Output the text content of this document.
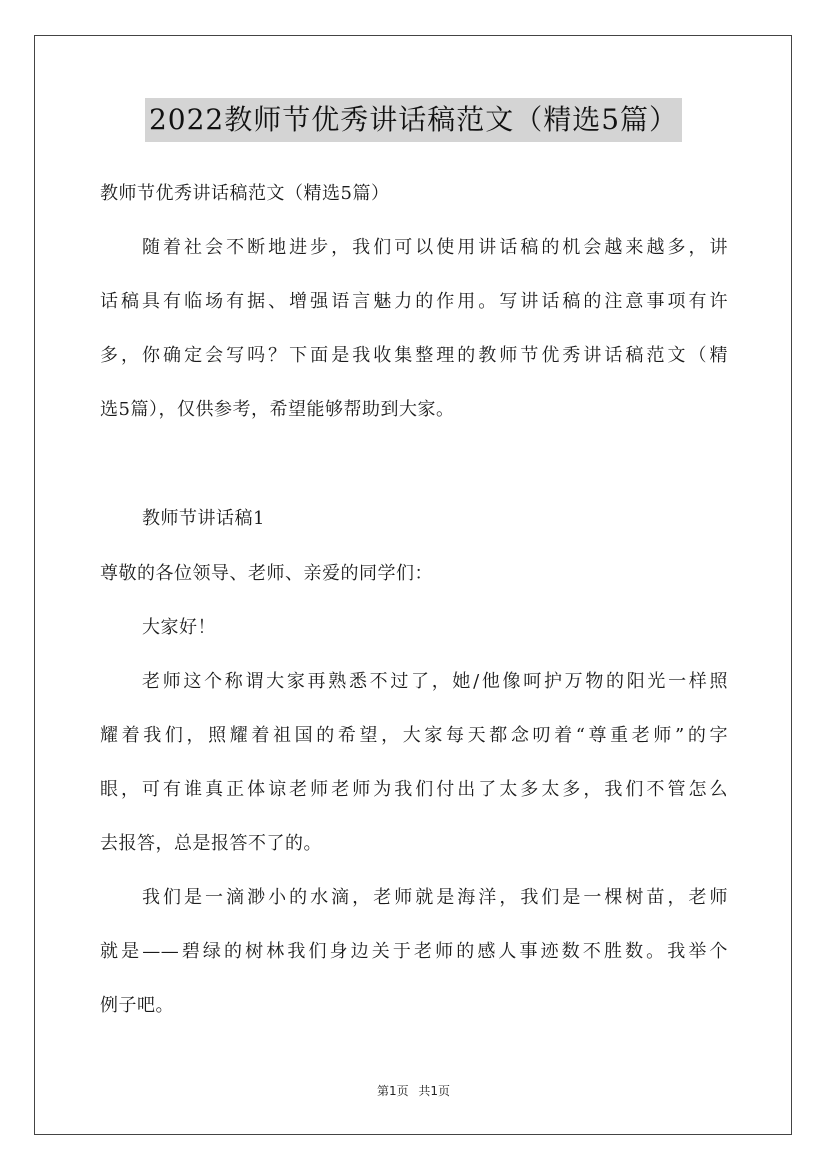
2022教师节优秀讲话稿范文（精选5篇）
教师节优秀讲话稿范文（精选5篇）
随着社会不断地进步，我们可以使用讲话稿的机会越来越多，讲
话稿具有临场有据、增强语言魅力的作用。写讲话稿的注意事项有许
多，你确定会写吗？下面是我收集整理的教师节优秀讲话稿范文（精
选5篇），仅供参考，希望能够帮助到大家。
教师节讲话稿1
尊敬的各位领导、老师、亲爱的同学们：
大家好！
老师这个称谓大家再熟悉不过了，她/他像呵护万物的阳光一样照
耀着我们，照耀着祖国的希望，大家每天都念叨着“尊重老师”的字
眼，可有谁真正体谅老师老师为我们付出了太多太多，我们不管怎么
去报答，总是报答不了的。
我们是一滴渺小的水滴，老师就是海洋，我们是一棵树苗，老师
就是——碧绿的树林我们身边关于老师的感人事迹数不胜数。我举个
例子吧。
第1页 共1页
